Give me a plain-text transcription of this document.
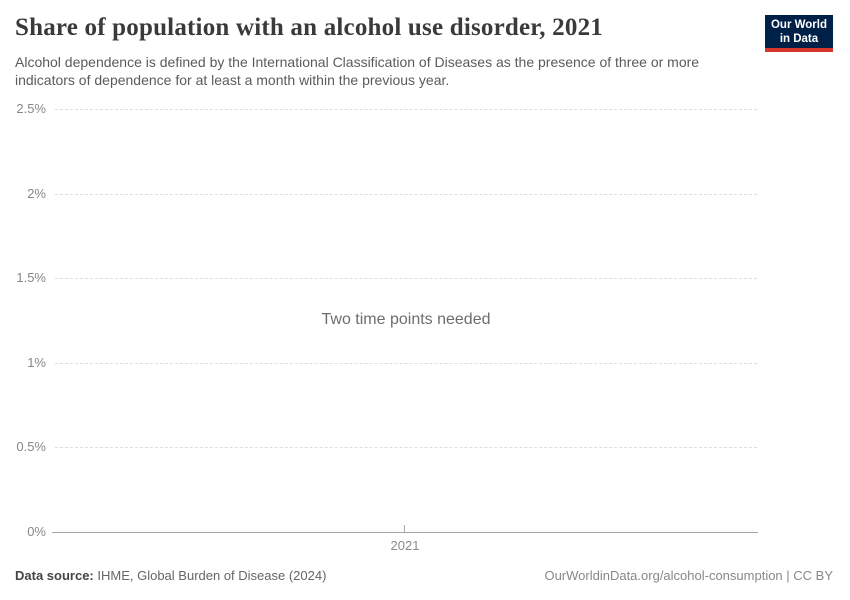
Share of population with an alcohol use disorder, 2021	Our World
in Data
Alcohol dependence is defined by the International Classification of Diseases as the presence of three or more
indicators of dependence for at least a month within the previous year.
2.5%
2%
1.5%
1%
0.5%
0%
2021
Two time points needed
Data source: IHME, Global Burden of Disease (2024)	OurWorldinData.org/alcohol-consumption | CC BY
